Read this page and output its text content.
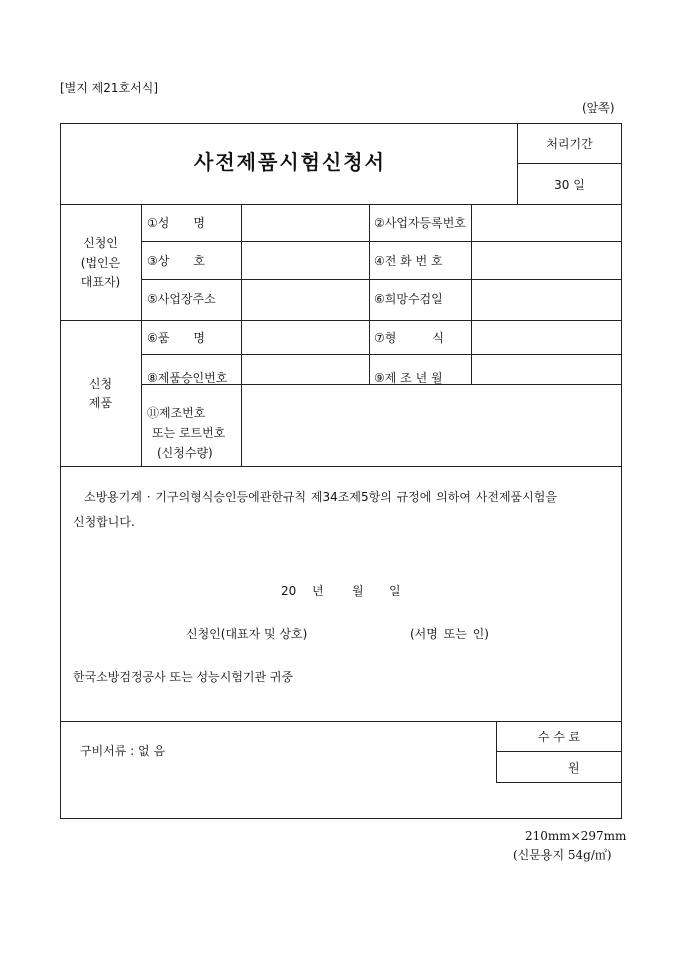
[별지 제21호서식]
(앞쪽)
사전제품시험신청서
처리기간
30 일
신청인
(법인은
대표자)
①성　　명	②사업자등록번호
③상　　호	④전 화 번 호
⑤사업장주소	⑥희망수검일
신청
제품
⑥품　　명	⑦형　　　식
⑧제품승인번호	⑨제 조 년 월
⑪제조번호
또는 로트번호
(신청수량)
소방용기계 · 기구의형식승인등에관한규칙 제34조제5항의 규정에 의하여 사전제품시험을
신청합니다.
20 년 월 일
신청인(대표자 및 상호)	(서명 또는 인)
한국소방검정공사 또는 성능시험기관 귀중
구비서류 : 없 음
수 수 료
원
210mm×297mm
(신문용지 54g/㎡)
